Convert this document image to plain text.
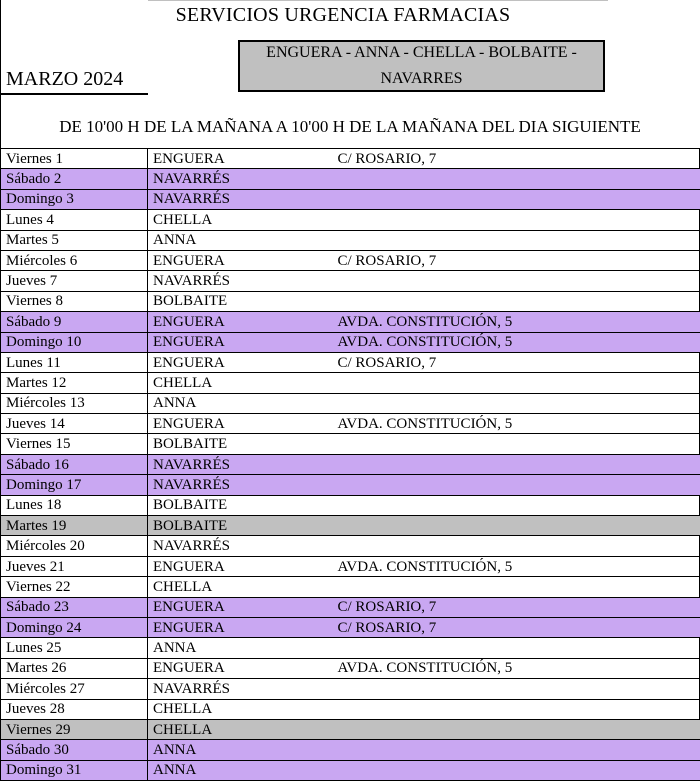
SERVICIOS URGENCIA FARMACIAS
ENGUERA - ANNA - CHELLA - BOLBAITE - NAVARRES
MARZO 2024
DE 10'00 H DE LA MAÑANA A 10'00 H DE LA MAÑANA DEL DIA SIGUIENTE
Viernes 1	ENGUERA	C/ ROSARIO, 7
Sábado 2	NAVARRÉS	
Domingo 3	NAVARRÉS	
Lunes 4	CHELLA	
Martes 5	ANNA	
Miércoles 6	ENGUERA	C/ ROSARIO, 7
Jueves 7	NAVARRÉS	
Viernes 8	BOLBAITE	
Sábado 9	ENGUERA	AVDA. CONSTITUCIÓN, 5
Domingo 10	ENGUERA	AVDA. CONSTITUCIÓN, 5
Lunes 11	ENGUERA	C/ ROSARIO, 7
Martes 12	CHELLA	
Miércoles 13	ANNA	
Jueves 14	ENGUERA	AVDA. CONSTITUCIÓN, 5
Viernes 15	BOLBAITE	
Sábado 16	NAVARRÉS	
Domingo 17	NAVARRÉS	
Lunes 18	BOLBAITE	
Martes 19	BOLBAITE	
Miércoles 20	NAVARRÉS	
Jueves 21	ENGUERA	AVDA. CONSTITUCIÓN, 5
Viernes 22	CHELLA	
Sábado 23	ENGUERA	C/ ROSARIO, 7
Domingo 24	ENGUERA	C/ ROSARIO, 7
Lunes 25	ANNA	
Martes 26	ENGUERA	AVDA. CONSTITUCIÓN, 5
Miércoles 27	NAVARRÉS	
Jueves 28	CHELLA	
Viernes 29	CHELLA	
Sábado 30	ANNA	
Domingo 31	ANNA	
